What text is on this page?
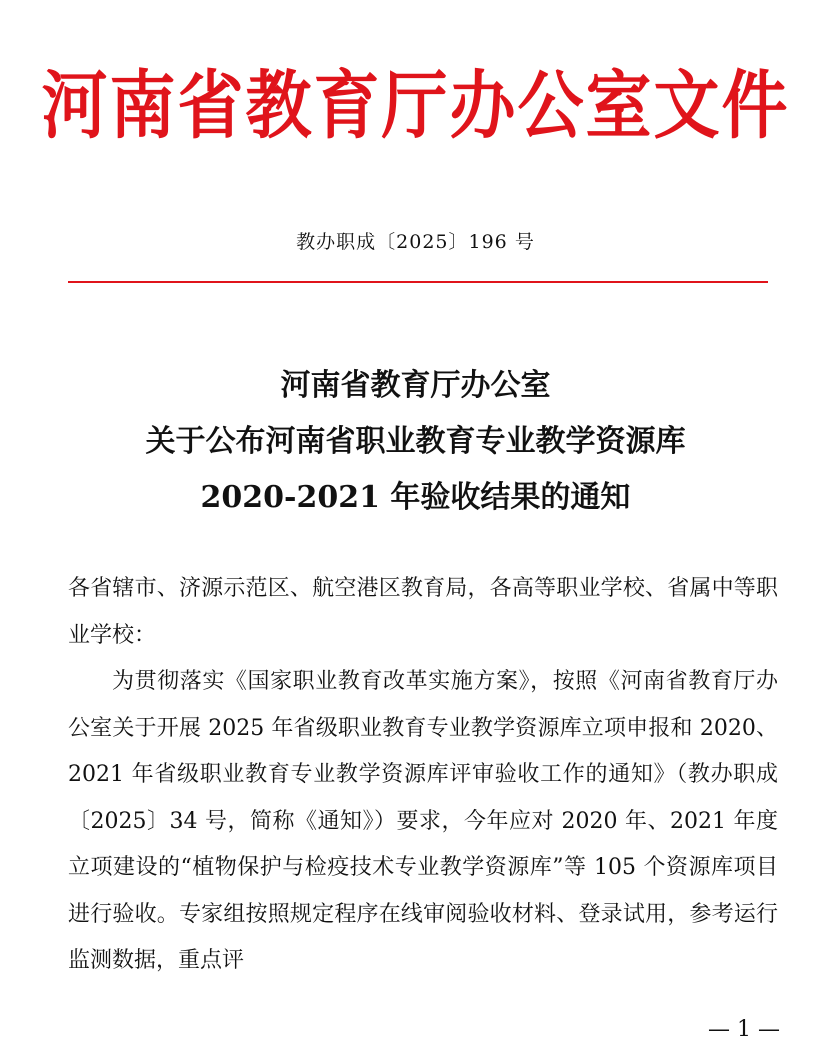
河南省教育厅办公室文件
教办职成〔2025〕196 号
河南省教育厅办公室
关于公布河南省职业教育专业教学资源库
2020-2021 年验收结果的通知

各省辖市、济源示范区、航空港区教育局，各高等职业学校、省属中等职业学校：

为贯彻落实《国家职业教育改革实施方案》，按照《河南省教育厅办公室关于开展 2025 年省级职业教育专业教学资源库立项申报和 2020、2021 年省级职业教育专业教学资源库评审验收工作的通知》（教办职成〔2025〕34 号，简称《通知》）要求，今年应对 2020 年、2021 年度立项建设的“植物保护与检疫技术专业教学资源库”等 105 个资源库项目进行验收。专家组按照规定程序在线审阅验收材料、登录试用，参考运行监测数据，重点评

— 1 —
